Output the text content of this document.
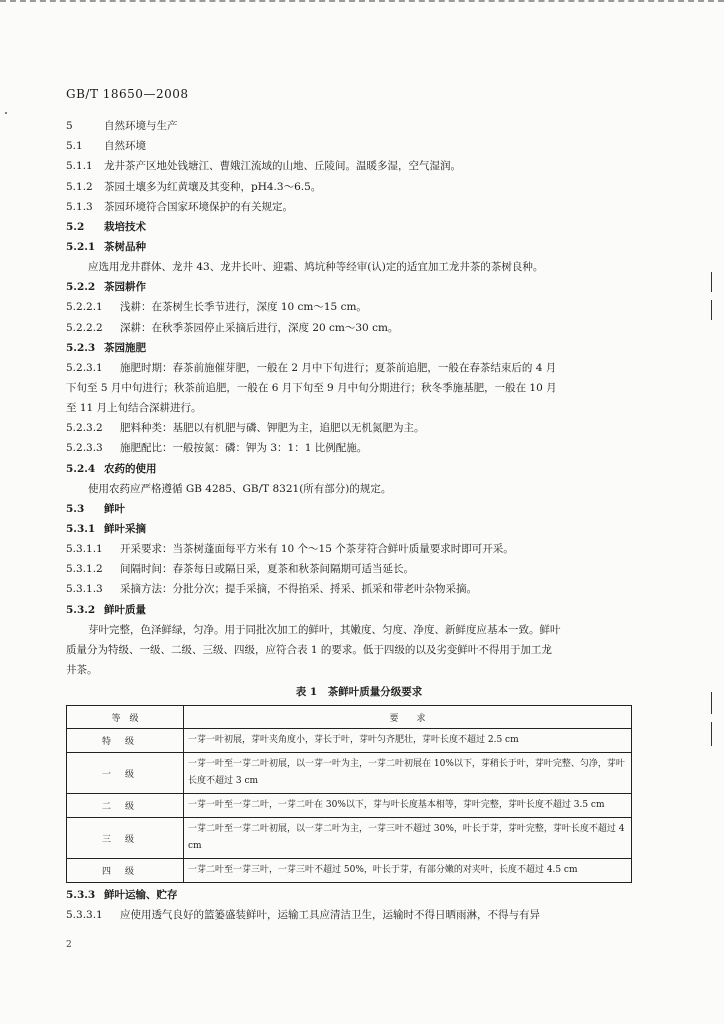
GB/T 18650—2008
5	自然环境与生产
5.1 自然环境
5.1.1 龙井茶产区地处钱塘江、曹娥江流域的山地、丘陵间。温暖多湿，空气湿润。
5.1.2 茶园土壤多为红黄壤及其变种，pH4.3～6.5。
5.1.3 茶园环境符合国家环境保护的有关规定。
5.2 栽培技术
5.2.1 茶树品种
应选用龙井群体、龙井 43、龙井长叶、迎霜、鸠坑种等经审(认)定的适宜加工龙井茶的茶树良种。
5.2.2 茶园耕作
5.2.2.1 浅耕：在茶树生长季节进行，深度 10 cm～15 cm。
5.2.2.2 深耕：在秋季茶园停止采摘后进行，深度 20 cm～30 cm。
5.2.3 茶园施肥
5.2.3.1 施肥时期：春茶前施催芽肥，一般在 2 月中下旬进行；夏茶前追肥，一般在春茶结束后的 4 月
下旬至 5 月中旬进行；秋茶前追肥，一般在 6 月下旬至 9 月中旬分期进行；秋冬季施基肥，一般在 10 月
至 11 月上旬结合深耕进行。
5.2.3.2 肥料种类：基肥以有机肥与磷、钾肥为主，追肥以无机氮肥为主。
5.2.3.3 施肥配比：一般按氮：磷：钾为 3：1：1 比例配施。
5.2.4 农药的使用
使用农药应严格遵循 GB 4285、GB/T 8321(所有部分)的规定。
5.3 鲜叶
5.3.1 鲜叶采摘
5.3.1.1 开采要求：当茶树蓬面每平方米有 10 个～15 个茶芽符合鲜叶质量要求时即可开采。
5.3.1.2 间隔时间：春茶每日或隔日采，夏茶和秋茶间隔期可适当延长。
5.3.1.3 采摘方法：分批分次；提手采摘，不得掐采、捋采、抓采和带老叶杂物采摘。
5.3.2 鲜叶质量
芽叶完整，色泽鲜绿，匀净。用于同批次加工的鲜叶，其嫩度、匀度、净度、新鲜度应基本一致。鲜叶
质量分为特级、一级、二级、三级、四级，应符合表 1 的要求。低于四级的以及劣变鲜叶不得用于加工龙
井茶。
表 1　茶鲜叶质量分级要求
等　级	要　　求
特级	一芽一叶初展，芽叶夹角度小，芽长于叶，芽叶匀齐肥壮，芽叶长度不超过 2.5 cm
一级	一芽一叶至一芽二叶初展，以一芽一叶为主，一芽二叶初展在 10%以下，芽稍长于叶，芽叶完整、匀净，芽叶长度不超过 3 cm
二级	一芽一叶至一芽二叶，一芽二叶在 30%以下，芽与叶长度基本相等，芽叶完整，芽叶长度不超过 3.5 cm
三级	一芽二叶至一芽二叶初展，以一芽二叶为主，一芽三叶不超过 30%，叶长于芽，芽叶完整，芽叶长度不超过 4 cm
四级	一芽二叶至一芽三叶，一芽三叶不超过 50%，叶长于芽，有部分嫩的对夹叶，长度不超过 4.5 cm
5.3.3 鲜叶运输、贮存
5.3.3.1 应使用透气良好的篮篓盛装鲜叶，运输工具应清洁卫生，运输时不得日晒雨淋，不得与有异
2
